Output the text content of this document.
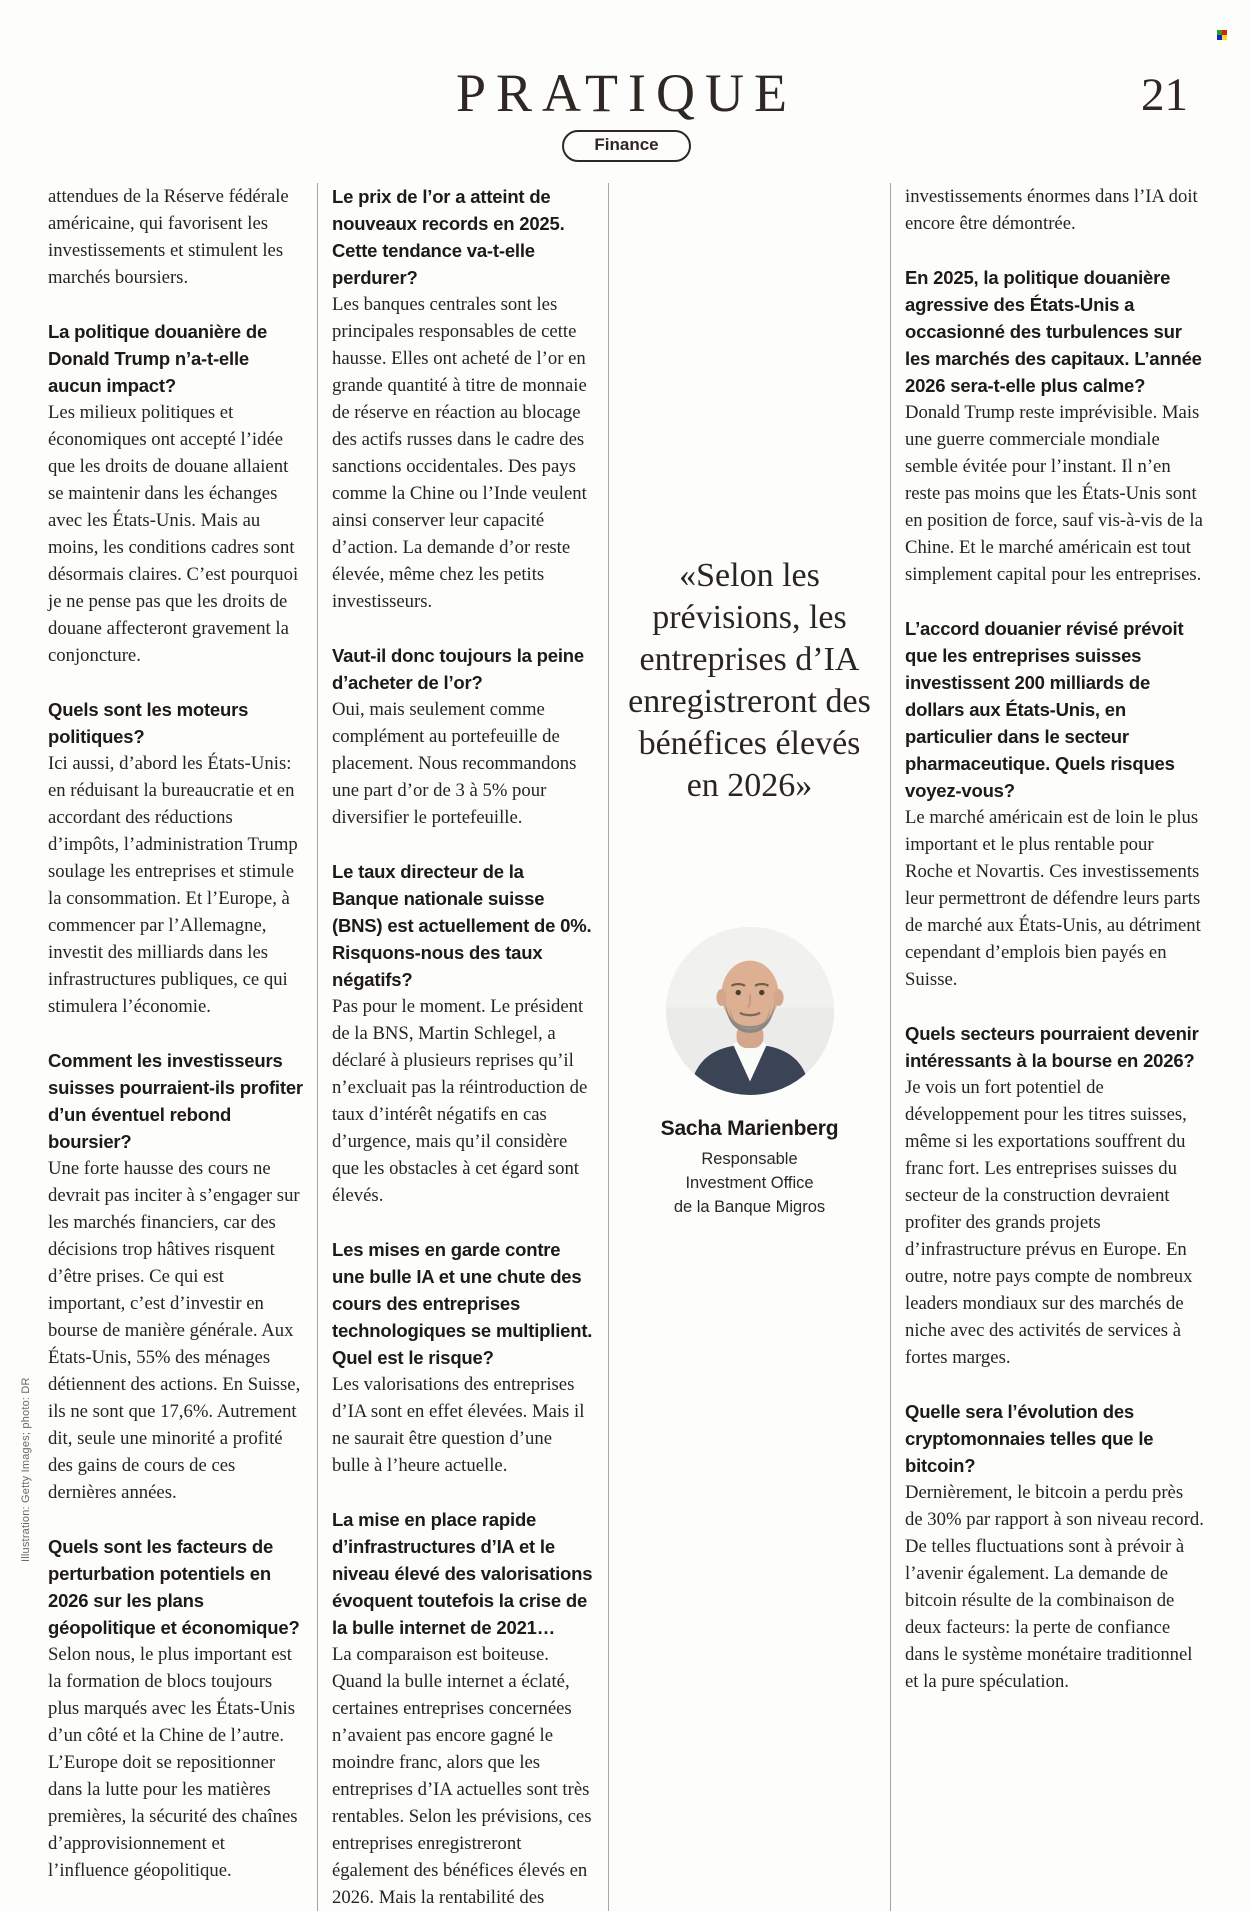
PRATIQUE
Finance
21
Illustration: Getty Images; photo: DR

attendues de la Réserve fédérale américaine, qui favorisent les investissements et stimulent les marchés boursiers.

La politique douanière de Donald Trump n’a-t-elle aucun impact?

Les milieux politiques et économiques ont accepté l’idée que les droits de douane allaient se maintenir dans les échanges avec les États-Unis. Mais au moins, les conditions cadres sont désormais claires. C’est pourquoi je ne pense pas que les droits de douane affecteront gravement la conjoncture.

Quels sont les moteurs politiques?

Ici aussi, d’abord les États-Unis: en réduisant la bureaucratie et en accordant des réductions d’impôts, l’administration Trump soulage les entreprises et stimule la consommation. Et l’Europe, à commencer par l’Allemagne, investit des milliards dans les infrastructures publiques, ce qui stimulera l’économie.

Comment les investisseurs suisses pourraient-ils profiter d’un éventuel rebond boursier?

Une forte hausse des cours ne devrait pas inciter à s’engager sur les marchés financiers, car des décisions trop hâtives risquent d’être prises. Ce qui est important, c’est d’investir en bourse de manière générale. Aux États-Unis, 55% des ménages détiennent des actions. En Suisse, ils ne sont que 17,6%. Autrement dit, seule une minorité a profité des gains de cours de ces dernières années.

Quels sont les facteurs de perturbation potentiels en 2026 sur les plans géopolitique et économique?

Selon nous, le plus important est la formation de blocs toujours plus marqués avec les États-Unis d’un côté et la Chine de l’autre. L’Europe doit se repositionner dans la lutte pour les matières premières, la sécurité des chaînes d’approvisionnement et l’influence géopolitique.

Le prix de l’or a atteint de nouveaux records en 2025. Cette tendance va-t-elle perdurer?

Les banques centrales sont les principales responsables de cette hausse. Elles ont acheté de l’or en grande quantité à titre de monnaie de réserve en réaction au blocage des actifs russes dans le cadre des sanctions occidentales. Des pays comme la Chine ou l’Inde veulent ainsi conserver leur capacité d’action. La demande d’or reste élevée, même chez les petits investisseurs.

Vaut-il donc toujours la peine d’acheter de l’or?

Oui, mais seulement comme complément au portefeuille de placement. Nous recommandons une part d’or de 3 à 5% pour diversifier le portefeuille.

Le taux directeur de la Banque nationale suisse (BNS) est actuellement de 0%. Risquons-nous des taux négatifs?

Pas pour le moment. Le président de la BNS, Martin Schlegel, a déclaré à plusieurs reprises qu’il n’excluait pas la réintroduction de taux d’intérêt négatifs en cas d’urgence, mais qu’il considère que les obstacles à cet égard sont élevés.

Les mises en garde contre une bulle IA et une chute des cours des entreprises technologiques se multiplient. Quel est le risque?

Les valorisations des entreprises d’IA sont en effet élevées. Mais il ne saurait être question d’une bulle à l’heure actuelle.

La mise en place rapide d’infrastructures d’IA et le niveau élevé des valorisations évoquent toutefois la crise de la bulle internet de 2021…

La comparaison est boiteuse. Quand la bulle internet a éclaté, certaines entreprises concernées n’avaient pas encore gagné le moindre franc, alors que les entreprises d’IA actuelles sont très rentables. Selon les prévisions, ces entreprises enregistreront également des bénéfices élevés en 2026. Mais la rentabilité des

«Selon les prévisions, les entreprises d’IA enregistreront des bénéfices élevés en 2026»
Sacha Marienberg
Responsable
Investment Office
de la Banque Migros

investissements énormes dans l’IA doit encore être démontrée.

En 2025, la politique douanière agressive des États-Unis a occasionné des turbulences sur les marchés des capitaux. L’année 2026 sera-t-elle plus calme?

Donald Trump reste imprévisible. Mais une guerre commerciale mondiale semble évitée pour l’instant. Il n’en reste pas moins que les États-Unis sont en position de force, sauf vis-à-vis de la Chine. Et le marché américain est tout simplement capital pour les entreprises.

L’accord douanier révisé prévoit que les entreprises suisses investissent 200 milliards de dollars aux États-Unis, en particulier dans le secteur pharmaceutique. Quels risques voyez-vous?

Le marché américain est de loin le plus important et le plus rentable pour Roche et Novartis. Ces investissements leur permettront de défendre leurs parts de marché aux États-Unis, au détriment cependant d’emplois bien payés en Suisse.

Quels secteurs pourraient devenir intéressants à la bourse en 2026?

Je vois un fort potentiel de développement pour les titres suisses, même si les exportations souffrent du franc fort. Les entreprises suisses du secteur de la construction devraient profiter des grands projets d’infrastructure prévus en Europe. En outre, notre pays compte de nombreux leaders mondiaux sur des marchés de niche avec des activités de services à fortes marges.

Quelle sera l’évolution des cryptomonnaies telles que le bitcoin?

Dernièrement, le bitcoin a perdu près de 30% par rapport à son niveau record. De telles fluctuations sont à prévoir à l’avenir également. La demande de bitcoin résulte de la combinaison de deux facteurs: la perte de confiance dans le système monétaire traditionnel et la pure spéculation.
